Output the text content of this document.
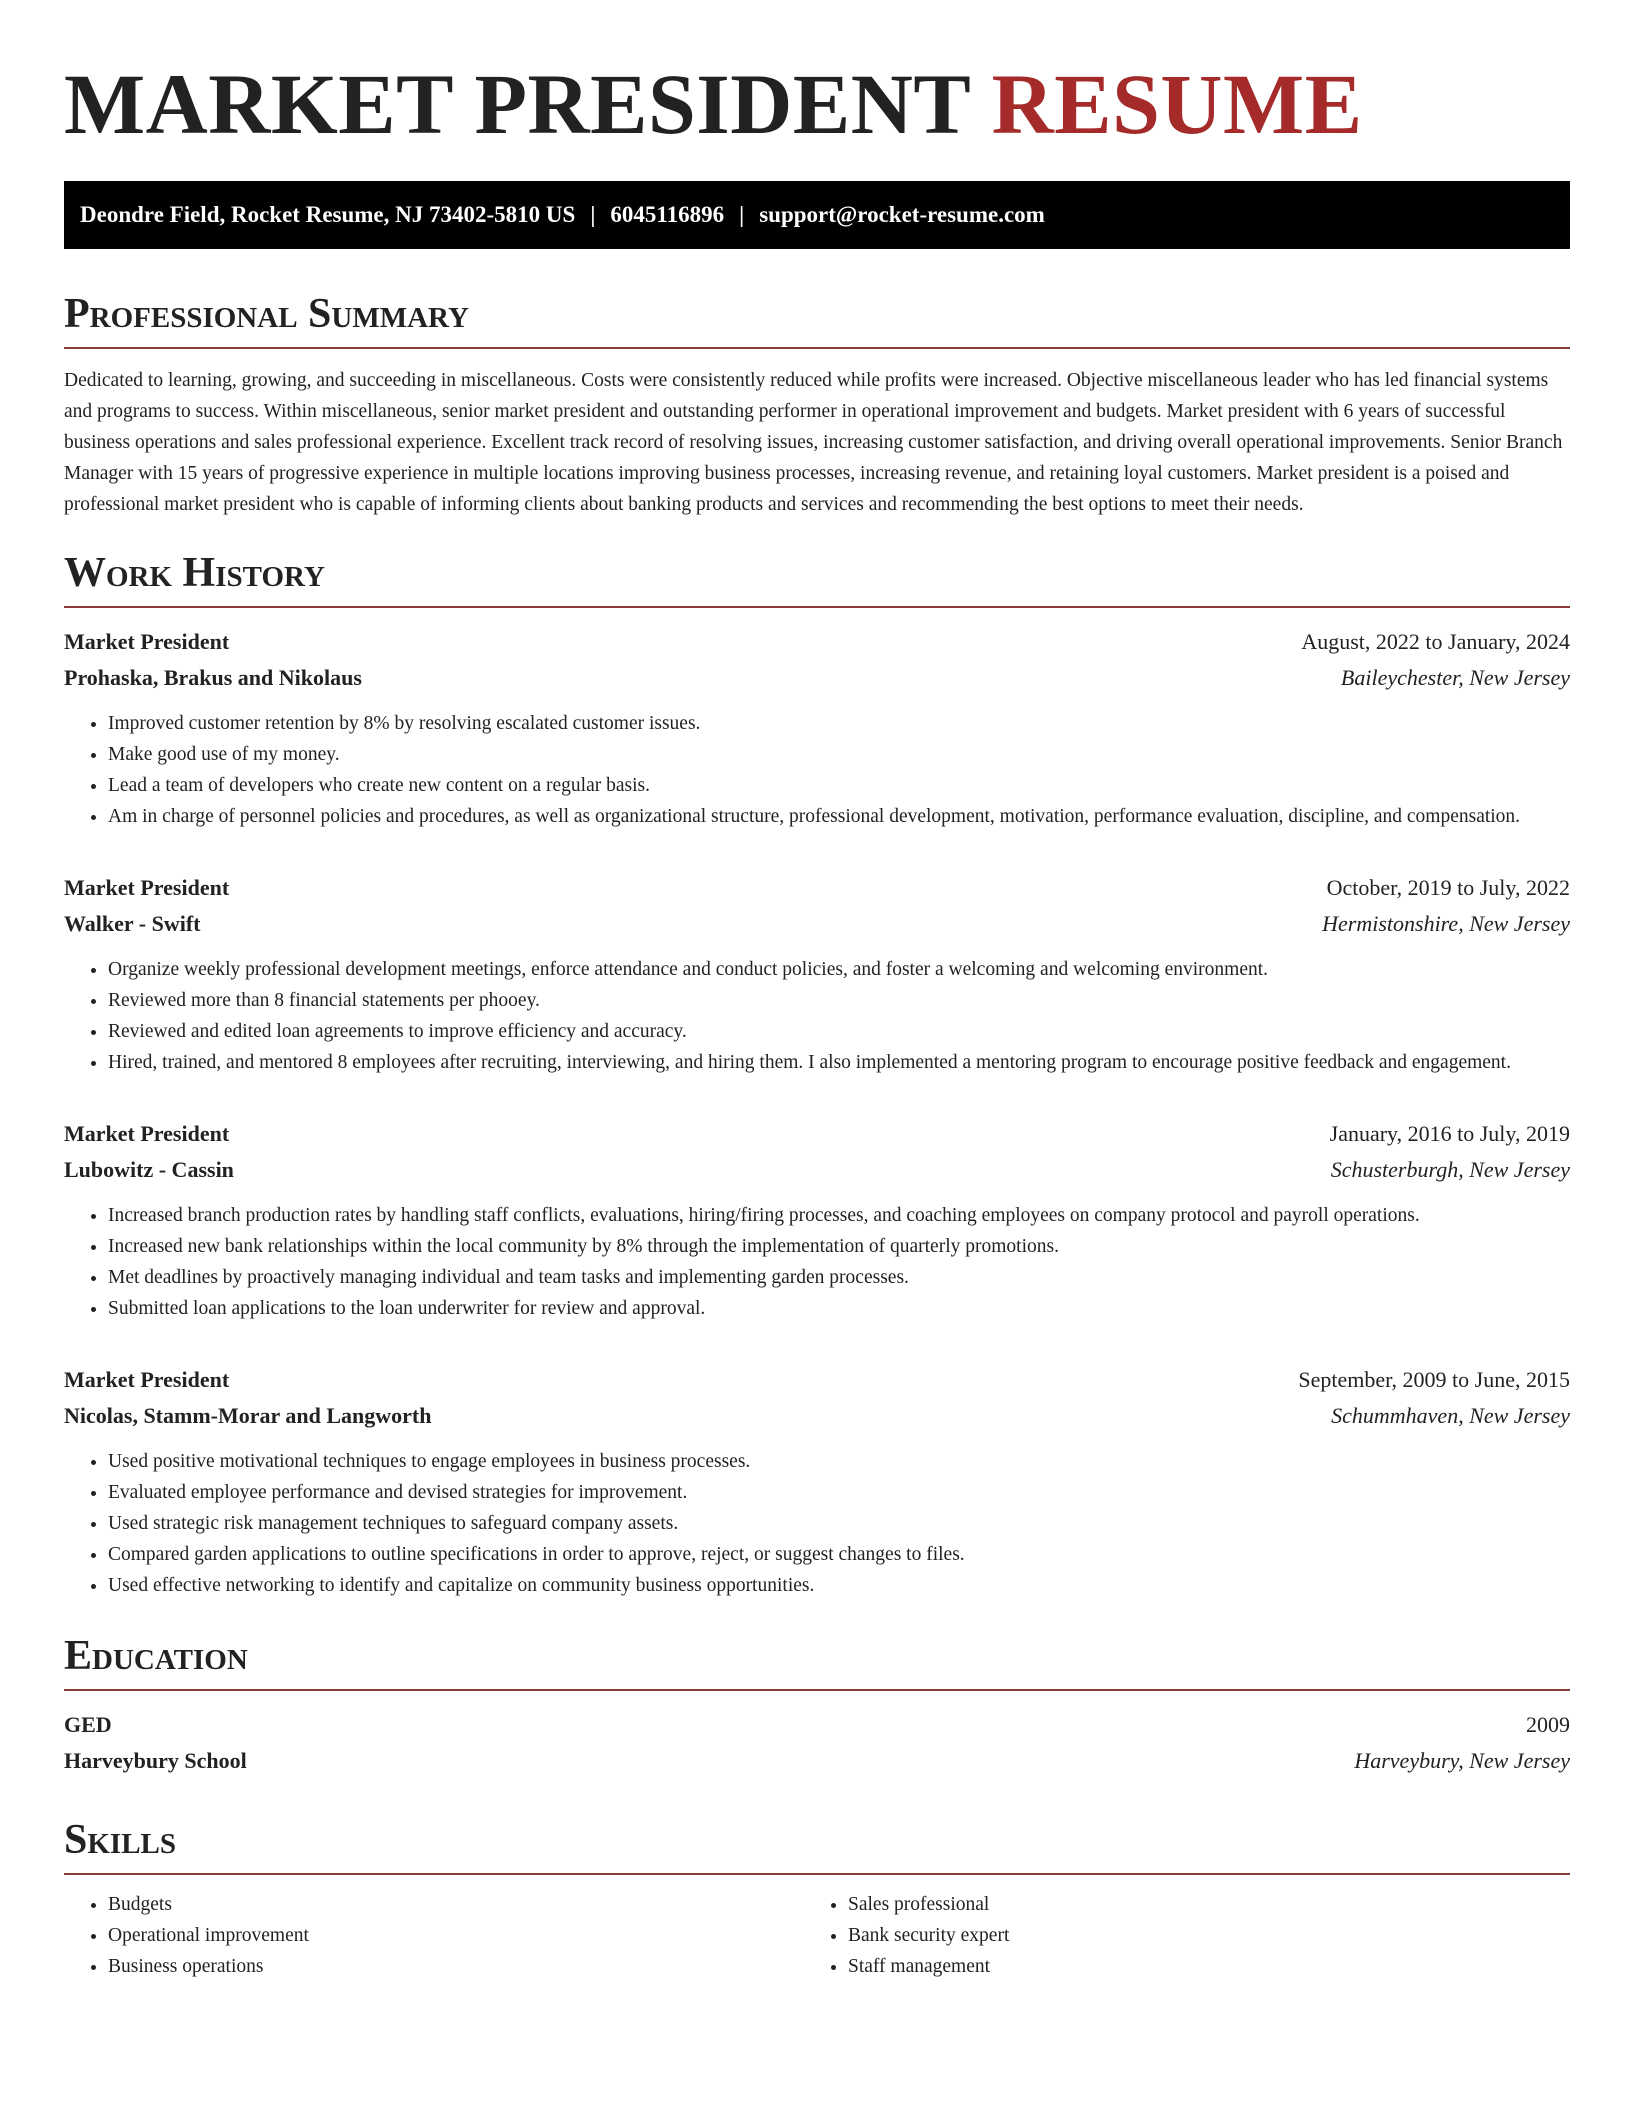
MARKET PRESIDENT RESUME
Deondre Field, Rocket Resume, NJ 73402-5810 US | 6045116896 | support@rocket-resume.com
Professional Summary

Dedicated to learning, growing, and succeeding in miscellaneous. Costs were consistently reduced while profits were increased. Objective miscellaneous leader who has led financial systems and programs to success. Within miscellaneous, senior market president and outstanding performer in operational improvement and budgets. Market president with 6 years of successful business operations and sales professional experience. Excellent track record of resolving issues, increasing customer satisfaction, and driving overall operational improvements. Senior Branch Manager with 15 years of progressive experience in multiple locations improving business processes, increasing revenue, and retaining loyal customers. Market president is a poised and professional market president who is capable of informing clients about banking products and services and recommending the best options to meet their needs.

Work History
Market President	August, 2022 to January, 2024
Prohaska, Brakus and Nikolaus	Baileychester, New Jersey
• Improved customer retention by 8% by resolving escalated customer issues.
• Make good use of my money.
• Lead a team of developers who create new content on a regular basis.
• Am in charge of personnel policies and procedures, as well as organizational structure, professional development, motivation, performance evaluation, discipline, and compensation.
Market President	October, 2019 to July, 2022
Walker - Swift	Hermistonshire, New Jersey
• Organize weekly professional development meetings, enforce attendance and conduct policies, and foster a welcoming and welcoming environment.
• Reviewed more than 8 financial statements per phooey.
• Reviewed and edited loan agreements to improve efficiency and accuracy.
• Hired, trained, and mentored 8 employees after recruiting, interviewing, and hiring them. I also implemented a mentoring program to encourage positive feedback and engagement.
Market President	January, 2016 to July, 2019
Lubowitz - Cassin	Schusterburgh, New Jersey
• Increased branch production rates by handling staff conflicts, evaluations, hiring/firing processes, and coaching employees on company protocol and payroll operations.
• Increased new bank relationships within the local community by 8% through the implementation of quarterly promotions.
• Met deadlines by proactively managing individual and team tasks and implementing garden processes.
• Submitted loan applications to the loan underwriter for review and approval.
Market President	September, 2009 to June, 2015
Nicolas, Stamm-Morar and Langworth	Schummhaven, New Jersey
• Used positive motivational techniques to engage employees in business processes.
• Evaluated employee performance and devised strategies for improvement.
• Used strategic risk management techniques to safeguard company assets.
• Compared garden applications to outline specifications in order to approve, reject, or suggest changes to files.
• Used effective networking to identify and capitalize on community business opportunities.
Education
GED	2009
Harveybury School	Harveybury, New Jersey
Skills
• Budgets
• Operational improvement
• Business operations
• Sales professional
• Bank security expert
• Staff management
